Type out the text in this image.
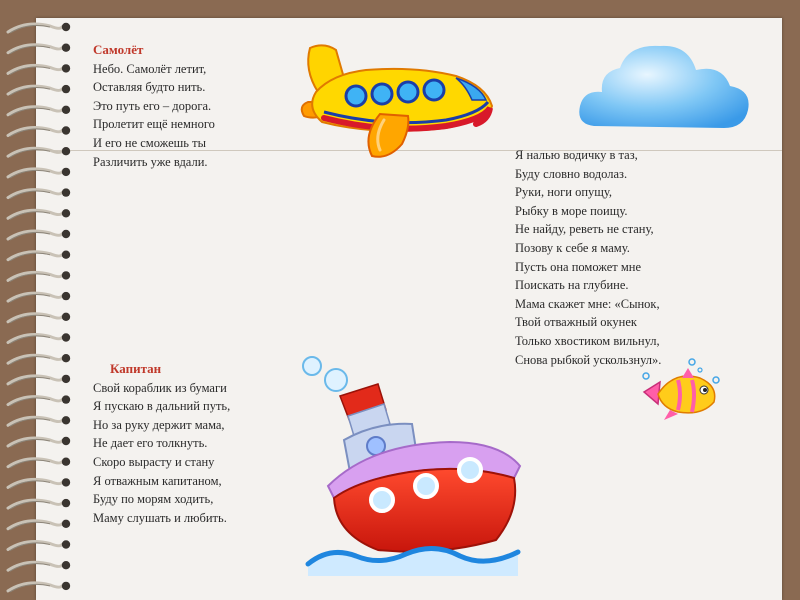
Самолёт
Небо. Самолёт летит,
Оставляя будто нить.
Это путь его – дорога.
Пролетит ещё немного
И его не сможешь ты
Различить уже вдали.	Я налью водичку в таз,
Буду словно водолаз.
Руки, ноги опущу,
Рыбку в море поищу.
Не найду, реветь не стану,
Позову к себе я маму.
Пусть она поможет мне
Поискать на глубине.
Мама скажет мне: «Сынок,
Твой отважный окунек
Только хвостиком вильнул,
Снова рыбкой ускользнул».
Капитан
Свой кораблик из бумаги
Я пускаю в дальний путь,
Но за руку держит мама,
Не дает его толкнуть.
Скоро вырасту и стану
Я отважным капитаном,
Буду по морям ходить,
Маму слушать и любить.
